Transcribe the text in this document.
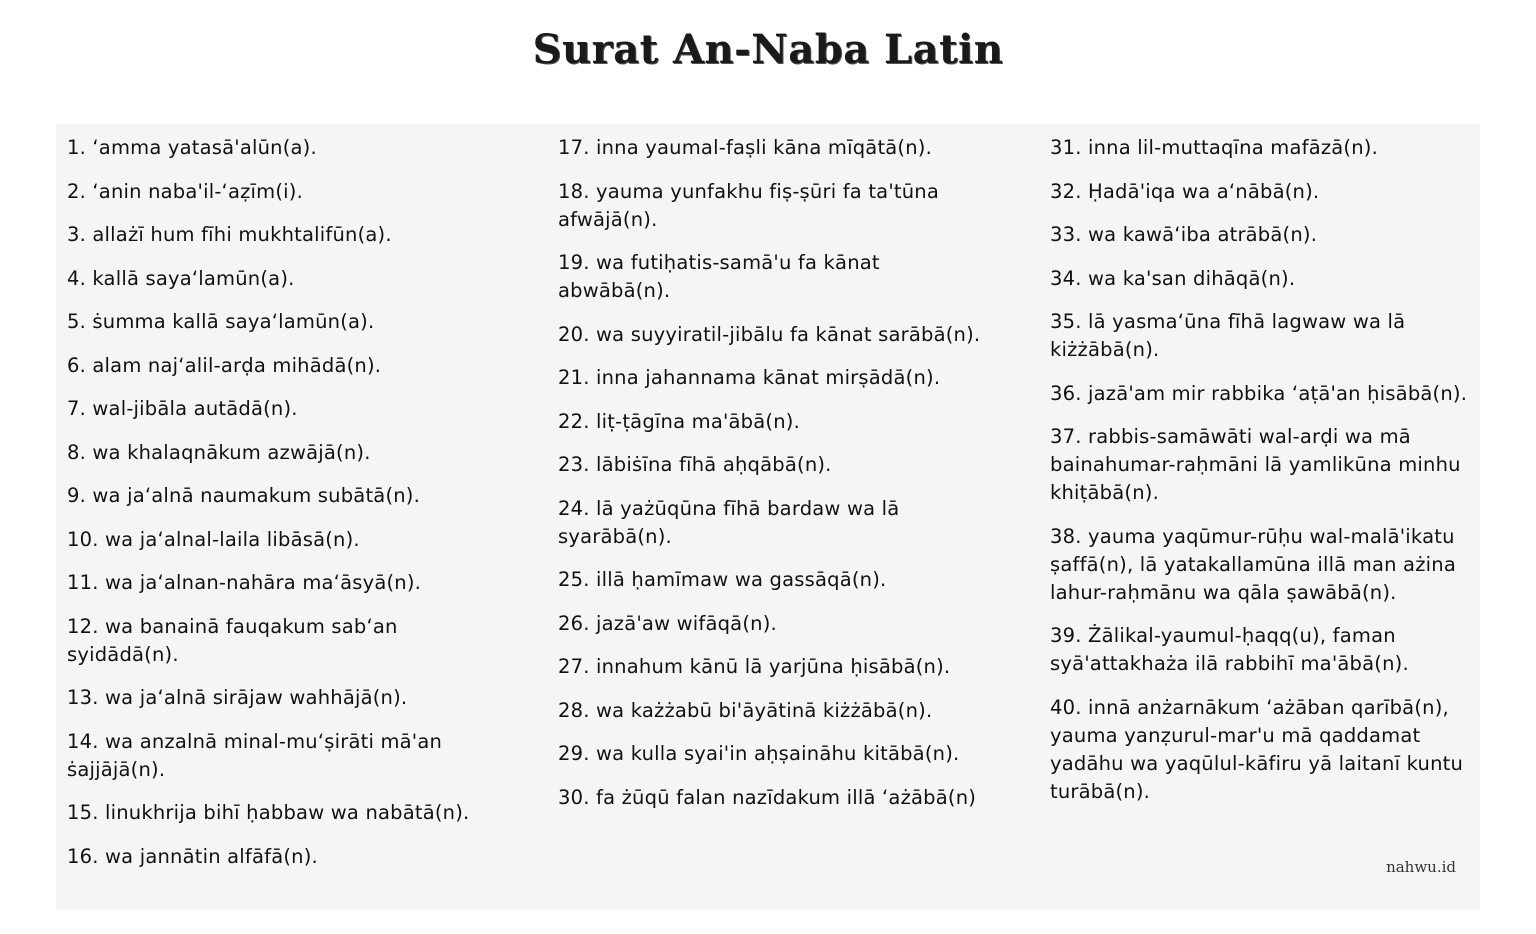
Surat An-Naba Latin
1. ‘amma yatasā'alūn(a).
2. ‘anin naba'il-‘aẓīm(i).
3. allażī hum fīhi mukhtalifūn(a).
4. kallā saya‘lamūn(a).
5. ṡumma kallā saya‘lamūn(a).
6. alam naj‘alil-arḍa mihādā(n).
7. wal-jibāla autādā(n).
8. wa khalaqnākum azwājā(n).
9. wa ja‘alnā naumakum subātā(n).
10. wa ja‘alnal-laila libāsā(n).
11. wa ja‘alnan-nahāra ma‘āsyā(n).
12. wa banainā fauqakum sab‘an syidādā(n).
13. wa ja‘alnā sirājaw wahhājā(n).
14. wa anzalnā minal-mu‘ṣirāti mā'an ṡajjājā(n).
15. linukhrija bihī ḥabbaw wa nabātā(n).
16. wa jannātin alfāfā(n).
17. inna yaumal-faṣli kāna mīqātā(n).
18. yauma yunfakhu fiṣ-ṣūri fa ta'tūna afwājā(n).
19. wa futiḥatis-samā'u fa kānat abwābā(n).
20. wa suyyiratil-jibālu fa kānat sarābā(n).
21. inna jahannama kānat mirṣādā(n).
22. liṭ-ṭāgīna ma'ābā(n).
23. lābiṡīna fīhā aḥqābā(n).
24. lā yażūqūna fīhā bardaw wa lā syarābā(n).
25. illā ḥamīmaw wa gassāqā(n).
26. jazā'aw wifāqā(n).
27. innahum kānū lā yarjūna ḥisābā(n).
28. wa każżabū bi'āyātinā kiżżābā(n).
29. wa kulla syai'in aḥṣaināhu kitābā(n).
30. fa żūqū falan nazīdakum illā ‘ażābā(n)
31. inna lil-muttaqīna mafāzā(n).
32. Ḥadā'iqa wa a‘nābā(n).
33. wa kawā‘iba atrābā(n).
34. wa ka'san dihāqā(n).
35. lā yasma‘ūna fīhā lagwaw wa lā kiżżābā(n).
36. jazā'am mir rabbika ‘aṭā'an ḥisābā(n).
37. rabbis-samāwāti wal-arḍi wa mā bainahumar-raḥmāni lā yamlikūna minhu khiṭābā(n).
38. yauma yaqūmur-rūḥu wal-malā'ikatu ṣaffā(n), lā yatakallamūna illā man ażina lahur-raḥmānu wa qāla ṣawābā(n).
39. Żālikal-yaumul-ḥaqq(u), faman syā'attakhaża ilā rabbihī ma'ābā(n).
40. innā anżarnākum ‘ażāban qarībā(n), yauma yanẓurul-mar'u mā qaddamat yadāhu wa yaqūlul-kāfiru yā laitanī kuntu turābā(n).
nahwu.id
